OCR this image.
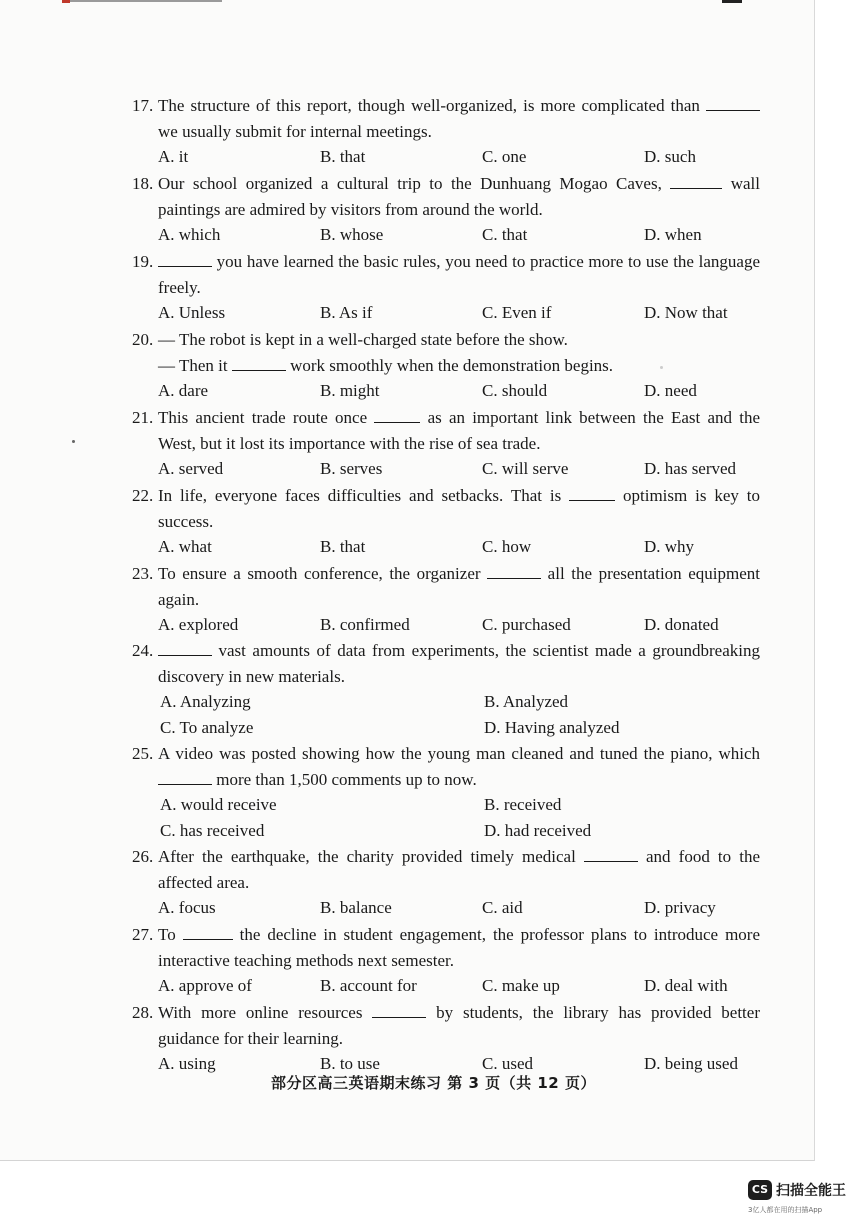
17. The structure of this report, though well-organized, is more complicated than  we usually submit for internal meetings.
A. it	B. that	C. one	D. such
18. Our school organized a cultural trip to the Dunhuang Mogao Caves,	wall paintings are admired by visitors from around the world.
A. which	B. whose	C. that	D. when
19.	you have learned the basic rules, you need to practice more to use the language freely.
A. Unless	B. As if	C. Even if	D. Now that
20. — The robot is kept in a well-charged state before the show.
— Then it	work smoothly when the demonstration begins.
A. dare	B. might	C. should	D. need
21. This ancient trade route once	as an important link between the East and the West, but it lost its importance with the rise of sea trade.
A. served	B. serves	C. will serve	D. has served
22. In life, everyone faces difficulties and setbacks. That is	optimism is key to success.
A. what	B. that	C. how	D. why
23. To ensure a smooth conference, the organizer	all the presentation equipment again.
A. explored	B. confirmed	C. purchased	D. donated
24.	vast amounts of data from experiments, the scientist made a groundbreaking discovery in new materials.
A. Analyzing	B. Analyzed
C. To analyze	D. Having analyzed
25. A video was posted showing how the young man cleaned and tuned the piano, which  more than 1,500 comments up to now.
A. would receive	B. received
C. has received	D. had received
26. After the earthquake, the charity provided timely medical	and food to the affected area.
A. focus	B. balance	C. aid	D. privacy
27. To	the decline in student engagement, the professor plans to introduce more interactive teaching methods next semester.
A. approve of	B. account for	C. make up	D. deal with
28. With more online resources	by students, the library has provided better guidance for their learning.
A. using	B. to use	C. used	D. being used
部分区高三英语期末练习 第 3 页（共 12 页）
CS 扫描全能王
3亿人都在用的扫描App
